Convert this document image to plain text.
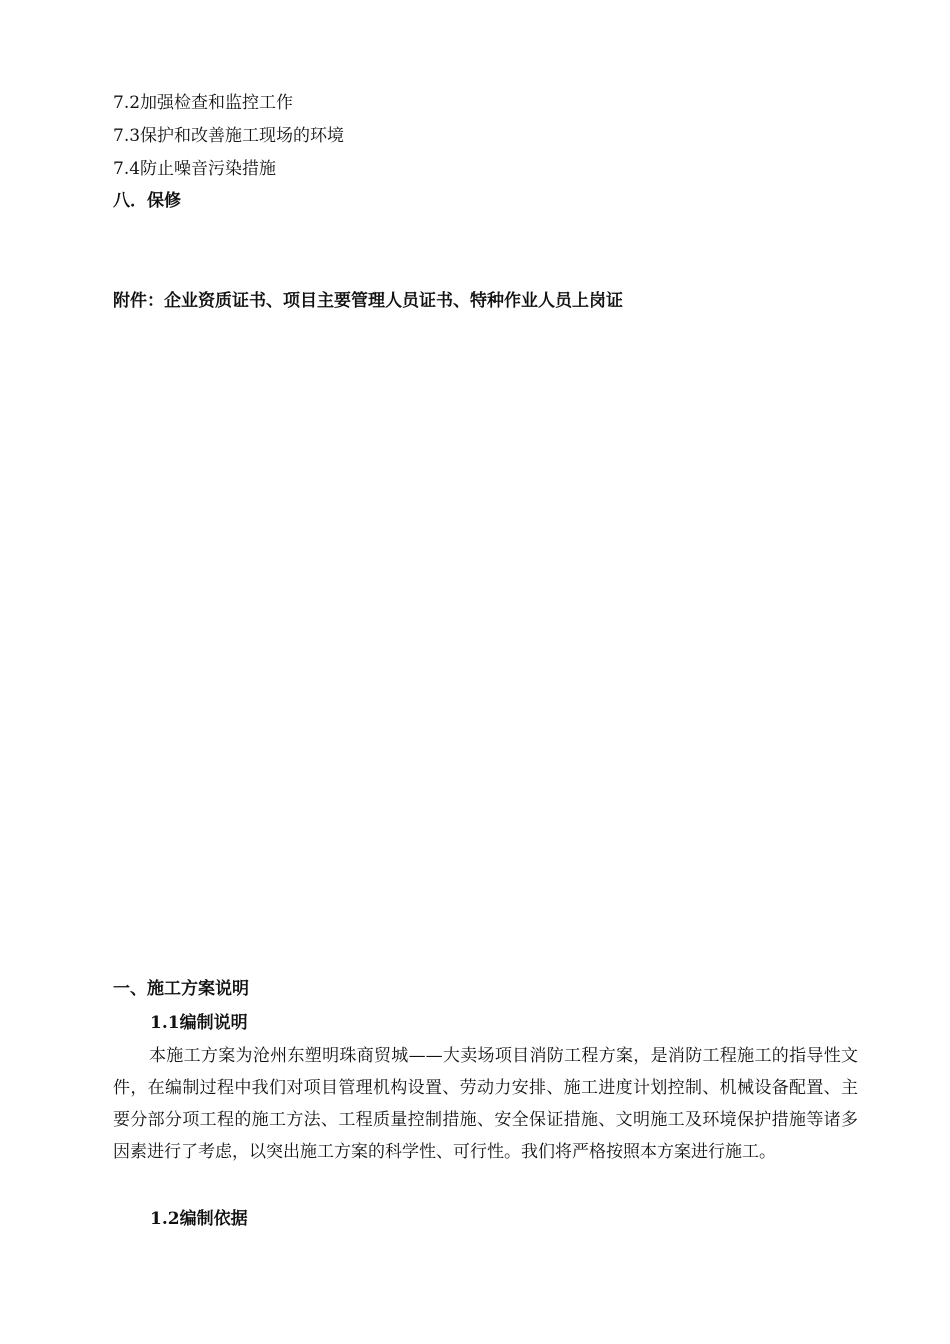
7.2加强检查和监控工作
7.3保护和改善施工现场的环境
7.4防止噪音污染措施
八．保修
附件：企业资质证书、项目主要管理人员证书、特种作业人员上岗证
一、施工方案说明
1.1编制说明
本施工方案为沧州东塑明珠商贸城——大卖场项目消防工程方案，是消防工程施工的指导性文件，在编制过程中我们对项目管理机构设置、劳动力安排、施工进度计划控制、机械设备配置、主要分部分项工程的施工方法、工程质量控制措施、安全保证措施、文明施工及环境保护措施等诸多因素进行了考虑，以突出施工方案的科学性、可行性。我们将严格按照本方案进行施工。
1.2编制依据
